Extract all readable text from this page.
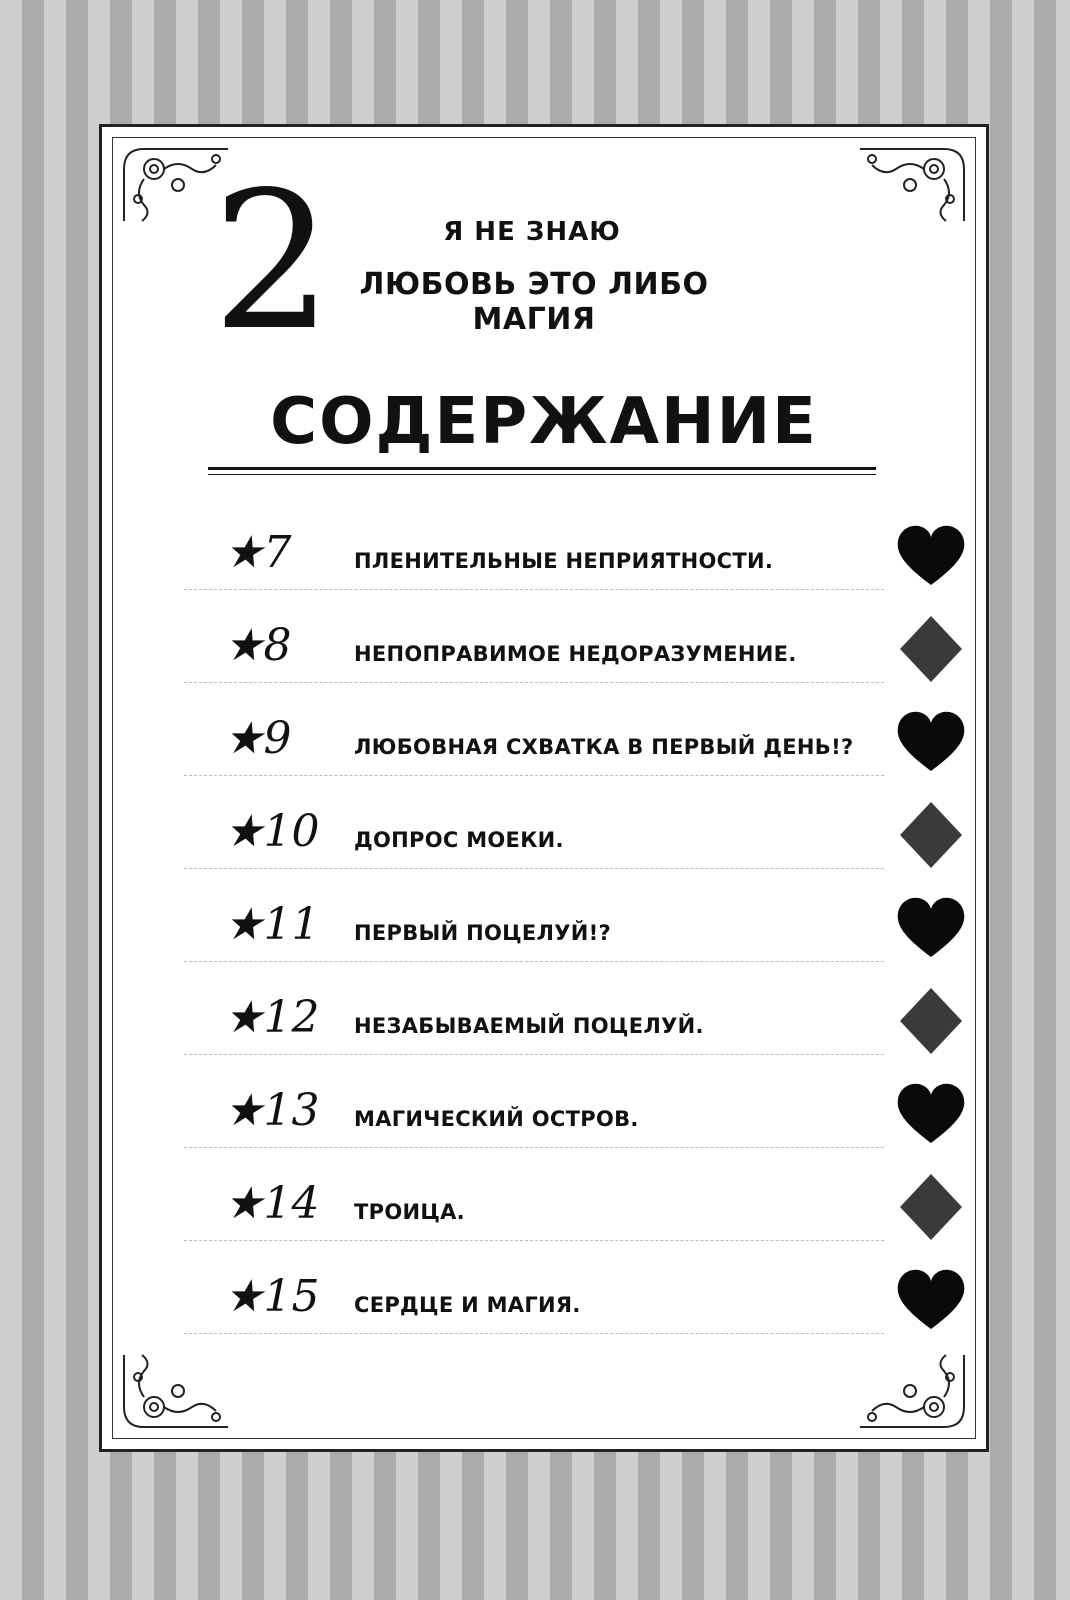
2	Я НЕ ЗНАЮ
ЛЮБОВЬ ЭТО ЛИБО МАГИЯ
СОДЕРЖАНИЕ
★7	ПЛЕНИТЕЛЬНЫЕ НЕПРИЯТНОСТИ.
★8	НЕПОПРАВИМОЕ НЕДОРАЗУМЕНИЕ.
★9	ЛЮБОВНАЯ СХВАТКА В ПЕРВЫЙ ДЕНЬ!?
★10 ДОПРОС МОЕКИ.
★11 ПЕРВЫЙ ПОЦЕЛУЙ!?
★12 НЕЗАБЫВАЕМЫЙ ПОЦЕЛУЙ.
★13 МАГИЧЕСКИЙ ОСТРОВ.
★14 ТРОИЦА.
★15 СЕРДЦЕ И МАГИЯ.
